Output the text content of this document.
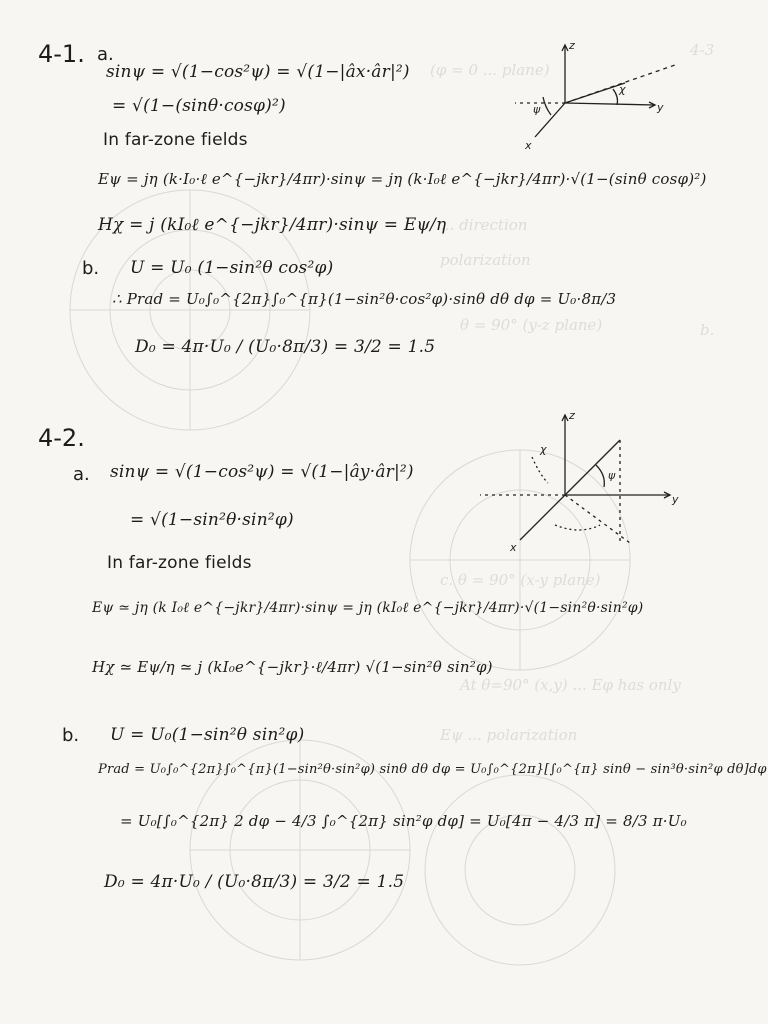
4-3
(φ = 0 ... plane)
... direction
polarization
b.
θ = 90° (y-z plane)
c. θ = 90° (x-y plane)
At θ=90° (x,y) ... Eφ has only
Eψ ... polarization
4-1. a.
sinψ = √(1−cos²ψ) = √(1−|âx·âr|²)
= √(1−(sinθ·cosφ)²)
In far-zone fields
Eψ = jη (k·I₀·ℓ e^{−jkr}/4πr)·sinψ = jη (k·I₀ℓ e^{−jkr}/4πr)·√(1−(sinθ cosφ)²)
Hχ = j (kI₀ℓ e^{−jkr}/4πr)·sinψ = Eψ/η
b. U = U₀ (1−sin²θ cos²φ)
∴ Prad = U₀∫₀^{2π}∫₀^{π}(1−sin²θ·cos²φ)·sinθ dθ dφ = U₀·8π/3
D₀ = 4π·U₀ / (U₀·8π/3) = 3/2 = 1.5
z
y
x
χ
ψ
4-2.
a. sinψ = √(1−cos²ψ) = √(1−|ây·âr|²)
= √(1−sin²θ·sin²φ)
In far-zone fields
Eψ ≃ jη (k I₀ℓ e^{−jkr}/4πr)·sinψ = jη (kI₀ℓ e^{−jkr}/4πr)·√(1−sin²θ·sin²φ)
Hχ ≃ Eψ/η ≃ j (kI₀e^{−jkr}·ℓ/4πr) √(1−sin²θ sin²φ)
b. U = U₀(1−sin²θ sin²φ)
Prad = U₀∫₀^{2π}∫₀^{π}(1−sin²θ·sin²φ) sinθ dθ dφ = U₀∫₀^{2π}[∫₀^{π} sinθ − sin³θ·sin²φ dθ]dφ
= U₀[∫₀^{2π} 2 dφ − 4/3 ∫₀^{2π} sin²φ dφ] = U₀[4π − 4/3 π] = 8/3 π·U₀
D₀ = 4π·U₀ / (U₀·8π/3) = 3/2 = 1.5
z
y
x
χ
ψ
